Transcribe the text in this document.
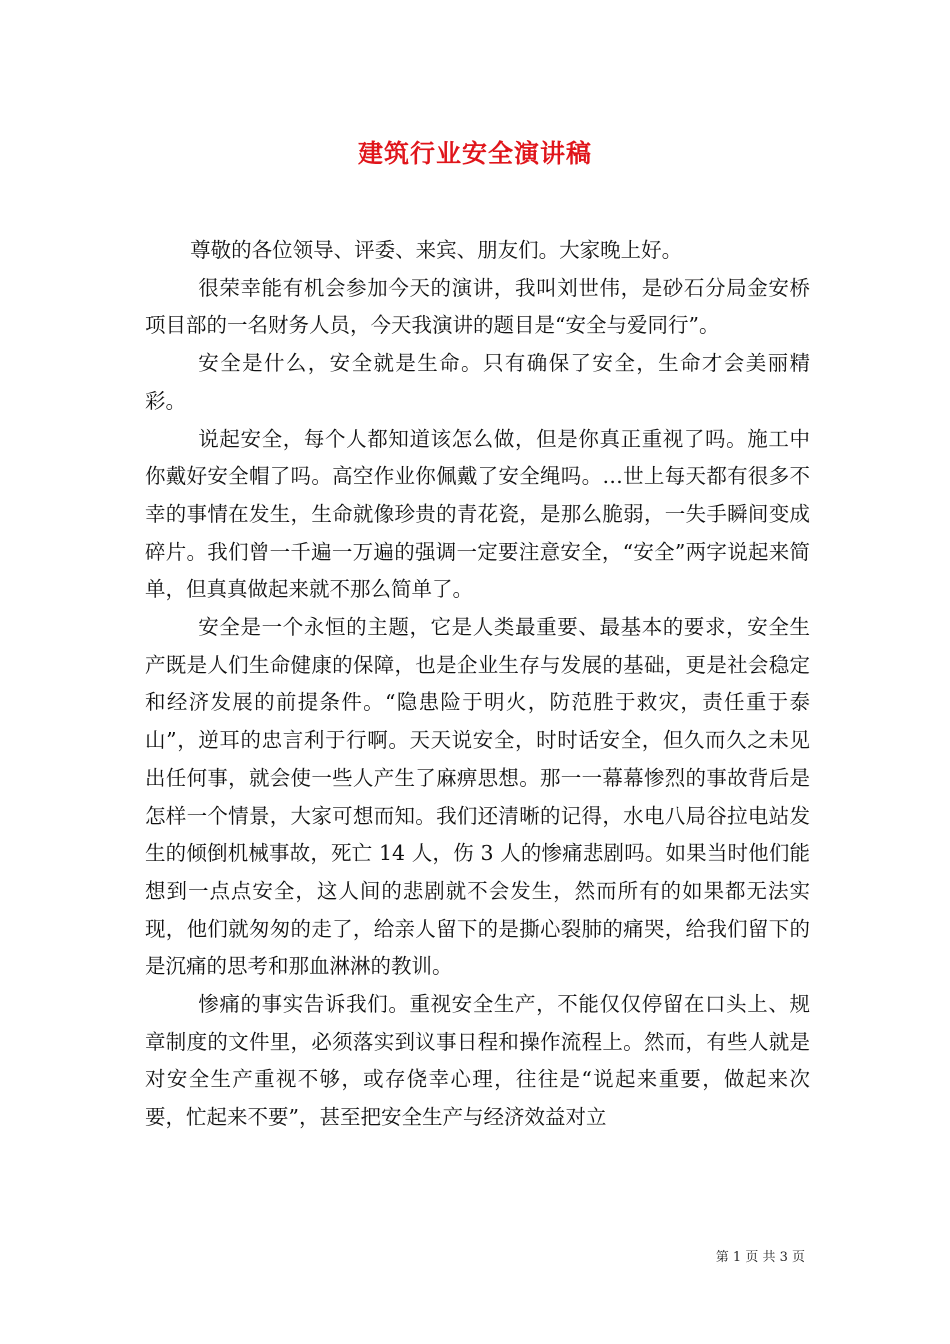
建筑行业安全演讲稿

尊敬的各位领导、评委、来宾、朋友们。大家晚上好。

很荣幸能有机会参加今天的演讲，我叫刘世伟，是砂石分局金安桥项目部的一名财务人员，今天我演讲的题目是“安全与爱同行”。

安全是什么，安全就是生命。只有确保了安全，生命才会美丽精彩。

说起安全，每个人都知道该怎么做，但是你真正重视了吗。施工中你戴好安全帽了吗。高空作业你佩戴了安全绳吗。…世上每天都有很多不幸的事情在发生，生命就像珍贵的青花瓷，是那么脆弱，一失手瞬间变成碎片。我们曾一千遍一万遍的强调一定要注意安全，“安全”两字说起来简单，但真真做起来就不那么简单了。

安全是一个永恒的主题，它是人类最重要、最基本的要求，安全生产既是人们生命健康的保障，也是企业生存与发展的基础，更是社会稳定和经济发展的前提条件。“隐患险于明火，防范胜于救灾，责任重于泰山”，逆耳的忠言利于行啊。天天说安全，时时话安全，但久而久之未见出任何事，就会使一些人产生了麻痹思想。那一一幕幕惨烈的事故背后是怎样一个情景，大家可想而知。我们还清晰的记得，水电八局谷拉电站发生的倾倒机械事故，死亡 14 人，伤 3 人的惨痛悲剧吗。如果当时他们能想到一点点安全，这人间的悲剧就不会发生，然而所有的如果都无法实现，他们就匆匆的走了，给亲人留下的是撕心裂肺的痛哭，给我们留下的是沉痛的思考和那血淋淋的教训。

惨痛的事实告诉我们。重视安全生产，不能仅仅停留在口头上、规章制度的文件里，必须落实到议事日程和操作流程上。然而，有些人就是对安全生产重视不够，或存侥幸心理，往往是“说起来重要，做起来次要，忙起来不要”，甚至把安全生产与经济效益对立

第 1 页 共 3 页
